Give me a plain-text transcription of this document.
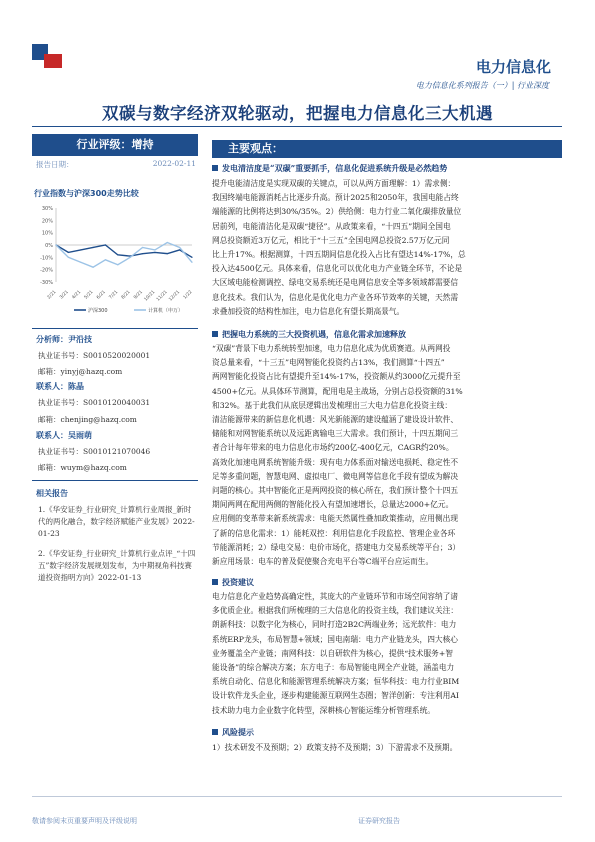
电力信息化
电力信息化系列报告（一）| 行业深度
双碳与数字经济双轮驱动，把握电力信息化三大机遇
行业评级：增持
报告日期：	2022-02-11
行业指数与沪深300走势比较
2/21 3/21 4/21 5/21 6/21 7/21 8/21 9/21 10/21 11/21 12/21 1/22
-30%
-20%
-10%
0%
10%
20%
30%
沪深300	计算机（申万）
分析师：尹沿技
执业证书号：S0010520020001
邮箱：yinyj@hazq.com
联系人：陈晶
执业证书号：S0010120040031
邮箱：chenjing@hazq.com
联系人：吴雨萌
执业证书号：S0010121070046
邮箱：wuym@hazq.com
相关报告
1.《华安证券_行业研究_计算机行业周报_新时代的两化融合，数字经济赋能产业发展》2022-01-23
2.《华安证券_行业研究_计算机行业点评_“十四五”数字经济发展规划发布，为中期视角科技赛道投资指明方向》2022-01-13
主要观点：
发电清洁度是“双碳”重要抓手，信息化促进系统升级是必然趋势
提升电能清洁度是实现双碳的关键点，可以从两方面理解：1）需求侧：
我国终端电能源消耗占比逐步升高。预计2025和2050年，我国电能占终
端能源的比例将达到30%/35%。2）供给侧：电力行业二氧化碳排放量位
居前列，电能清洁化是双碳“捷径”。从政策来看，“十四五”期间全国电
网总投资额近3万亿元，相比于“十三五”全国电网总投资2.57万亿元同
比上升17%。根据测算，十四五期间信息化投入占比有望达14%-17%，总
投入达4500亿元。具体来看，信息化可以优化电力产业链全环节，不论是
大区域电能检测调控、绿电交易系统还是电网信息安全等多领域都需要信
息化技术。我们认为，信息化是优化电力产业各环节效率的关键，天然需
求叠加投资的结构性加注，电力信息化有望长期高景气。
把握电力系统的三大投资机遇，信息化需求加速释放
“双碳”背景下电力系统转型加速，电力信息化成为优质赛道。从两网投
资总量来看，“十三五”电网智能化投资约占13%，我们测算“十四五”
两网智能化投资占比有望提升至14%-17%，投资额从约3000亿元提升至
4500+亿元。从具体环节测算，配用电是主战场，分别占总投资额的31%
和32%。基于此我们从底层逻辑出发梳理出三大电力信息化投资主线：
清洁能源带来的新信息化机遇：风光新能源的建设蕴涵了建设设计软件、
储能和对网智能系统以及远距离输电三大需求。我们预计，十四五期间三
者合计每年带来的电力信息化市场约200亿-400亿元，CAGR约20%。
高效化加速电网系统智能升级：现有电力体系面对输送电损耗、稳定性不
足等多重问题，智慧电网、虚拟电厂、微电网等信息化手段有望成为解决
问题的核心。其中智能化正是两网投资的核心所在，我们预计整个十四五
期间两网在配用两侧的智能化投入有望加速增长，总量达2000+亿元。
应用侧的变革带来新系统需求：电能天然属性叠加政策推动，应用侧出现
了新的信息化需求：1）能耗双控：利用信息化手段监控、管理企业各环
节能源消耗；2）绿电交易：电价市场化，搭建电力交易系统等平台；3）
新应用场景：电车的普及促使聚合充电平台等C端平台应运而生。
投资建议
电力信息化产业趋势高确定性，其庞大的产业链环节和市场空间容纳了诸
多优质企业。根据我们所梳理的三大信息化的投资主线，我们建议关注：
朗新科技：以数字化为核心，同时打造2B2C两端业务；远光软件：电力
系统ERP龙头，布局智慧+领域；国电南瑞：电力产业链龙头，四大核心
业务覆盖全产业链；南网科技：以自研软件为核心，提供“技术服务+智
能设备”的综合解决方案；东方电子：布局智能电网全产业链，涵盖电力
系统自动化、信息化和能源管理系统解决方案；恒华科技：电力行业BIM
设计软件龙头企业，逐步构建能源互联网生态圈；智洋创新：专注利用AI
技术助力电力企业数字化转型，深耕核心智能运维分析管理系统。
风险提示
1）技术研发不及预期；2）政策支持不及预期；3）下游需求不及预期。
敬请参阅末页重要声明及评级说明	证券研究报告
